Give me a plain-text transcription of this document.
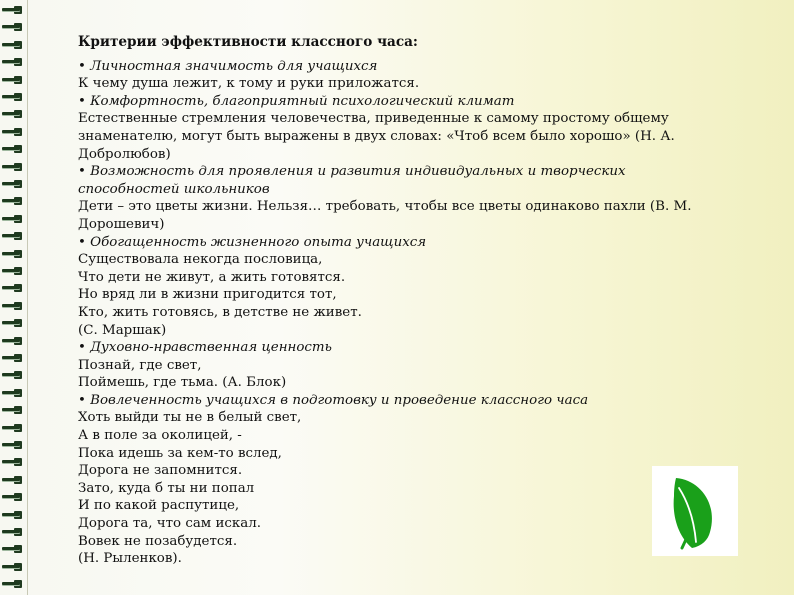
Критерии эффективности классного часа:
• Личностная значимость для учащихся
К чему душа лежит, к тому и руки приложатся.
• Комфортность, благоприятный психологический климат
Естественные стремления человечества, приведенные к самому простому общему знаменателю, могут быть выражены в двух словах: «Чтоб всем было хорошо» (Н. А. Добролюбов)
• Возможность для проявления и развития индивидуальных и творческих способностей школьников
Дети – это цветы жизни. Нельзя… требовать, чтобы все цветы одинаково пахли (В. М. Дорошевич)
• Обогащенность жизненного опыта учащихся
Существовала некогда пословица,
Что дети не живут, а жить готовятся.
Но вряд ли в жизни пригодится тот,
Кто, жить готовясь, в детстве не живет.
(С. Маршак)
• Духовно-нравственная ценность
Познай, где свет,
Поймешь, где тьма. (А. Блок)
• Вовлеченность учащихся в подготовку и проведение классного часа
Хоть выйди ты не в белый свет,
А в поле за околицей, -
Пока идешь за кем-то вслед,
Дорога не запомнится.
Зато, куда б ты ни попал
И по какой распутице,
Дорога та, что сам искал.
Вовек не позабудется.
(Н. Рыленков).
